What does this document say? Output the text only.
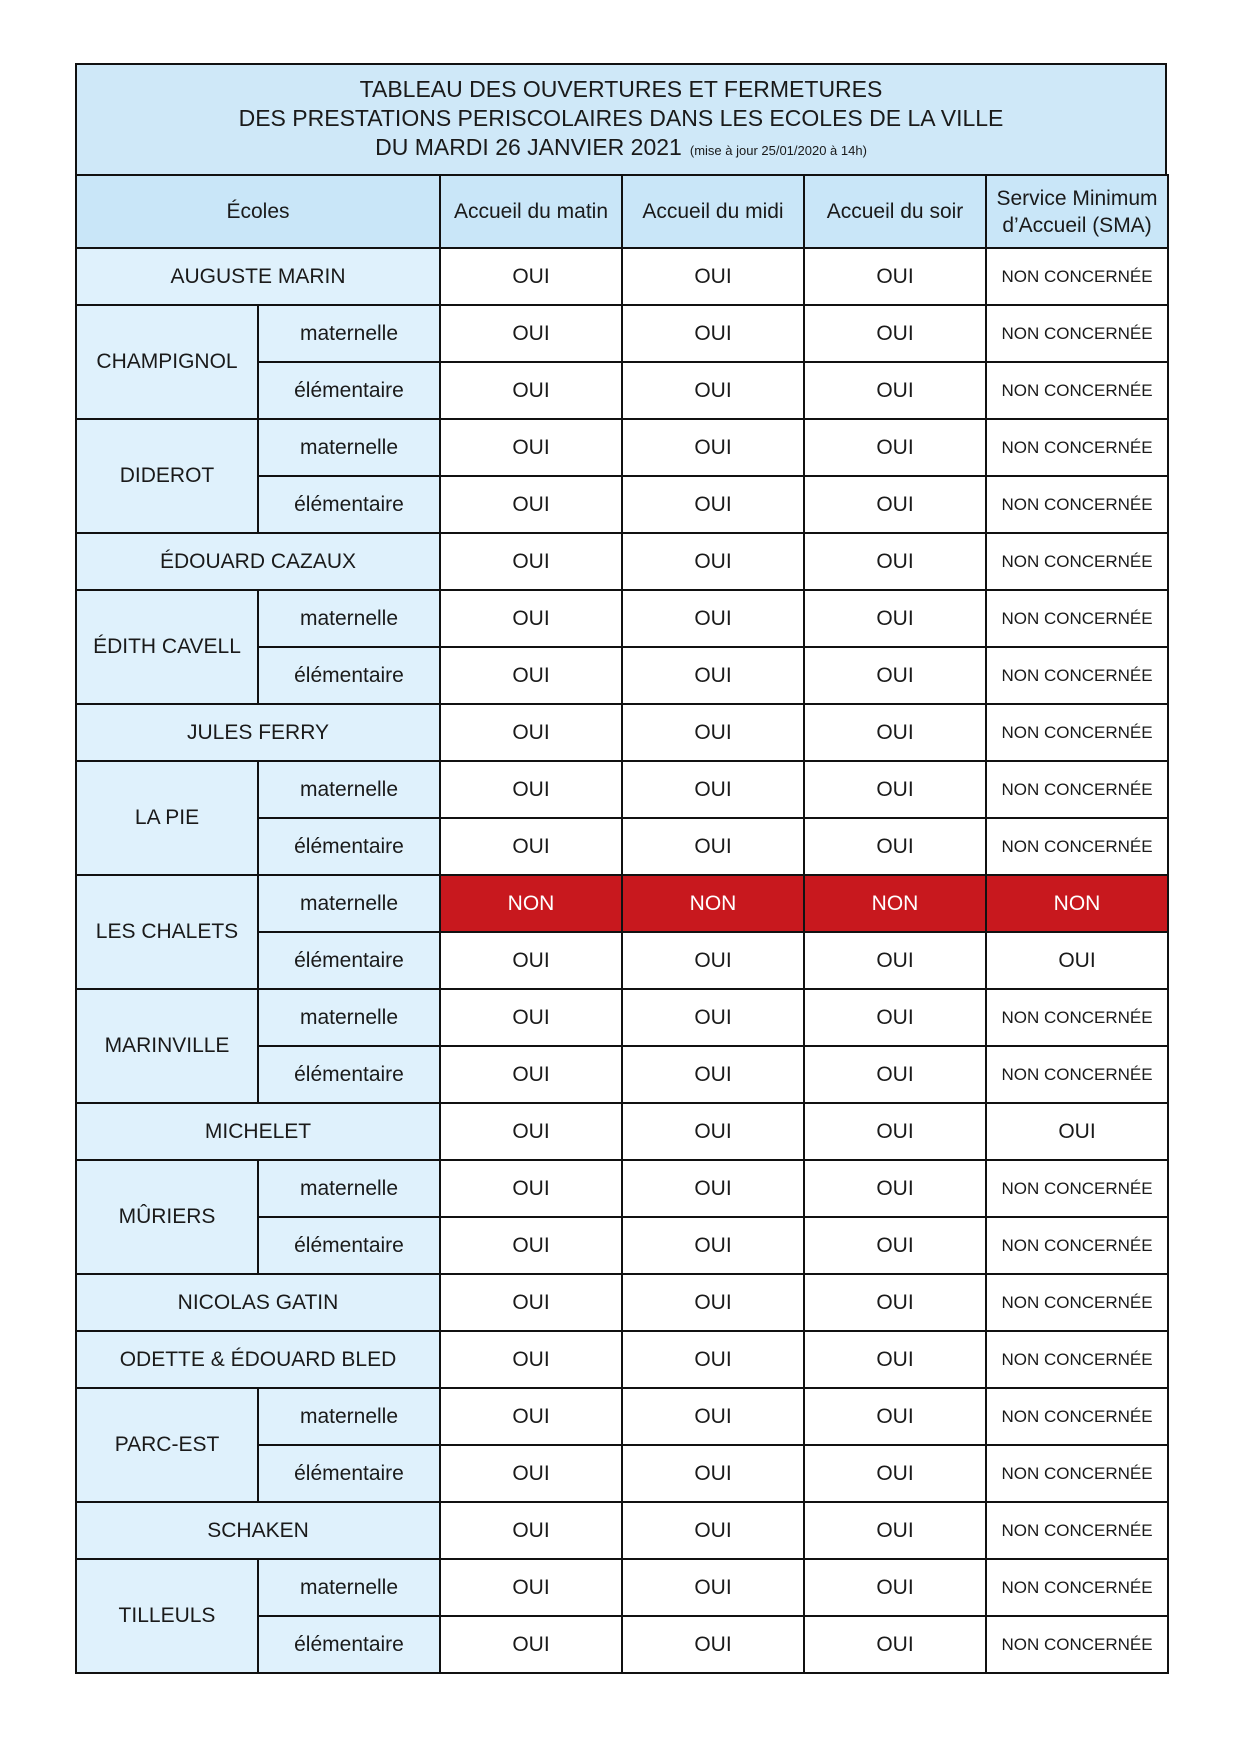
TABLEAU DES OUVERTURES ET FERMETURES
DES PRESTATIONS PERISCOLAIRES DANS LES ECOLES DE LA VILLE
DU MARDI 26 JANVIER 2021 (mise à jour 25/01/2020 à 14h)
Écoles		Accueil du matin	Accueil du midi	Accueil du soir	Service Minimum d’Accueil (SMA)
AUGUSTE MARIN		OUI	OUI	OUI	NON CONCERNÉE
CHAMPIGNOL	maternelle	OUI	OUI	OUI	NON CONCERNÉE
	élémentaire	OUI	OUI	OUI	NON CONCERNÉE
DIDEROT	maternelle	OUI	OUI	OUI	NON CONCERNÉE
	élémentaire	OUI	OUI	OUI	NON CONCERNÉE
ÉDOUARD CAZAUX		OUI	OUI	OUI	NON CONCERNÉE
ÉDITH CAVELL	maternelle	OUI	OUI	OUI	NON CONCERNÉE
	élémentaire	OUI	OUI	OUI	NON CONCERNÉE
JULES FERRY		OUI	OUI	OUI	NON CONCERNÉE
LA PIE	maternelle	OUI	OUI	OUI	NON CONCERNÉE
	élémentaire	OUI	OUI	OUI	NON CONCERNÉE
LES CHALETS	maternelle	NON	NON	NON	NON
	élémentaire	OUI	OUI	OUI	OUI
MARINVILLE	maternelle	OUI	OUI	OUI	NON CONCERNÉE
	élémentaire	OUI	OUI	OUI	NON CONCERNÉE
MICHELET		OUI	OUI	OUI	OUI
MÛRIERS	maternelle	OUI	OUI	OUI	NON CONCERNÉE
	élémentaire	OUI	OUI	OUI	NON CONCERNÉE
NICOLAS GATIN		OUI	OUI	OUI	NON CONCERNÉE
ODETTE & ÉDOUARD BLED		OUI	OUI	OUI	NON CONCERNÉE
PARC-EST	maternelle	OUI	OUI	OUI	NON CONCERNÉE
	élémentaire	OUI	OUI	OUI	NON CONCERNÉE
SCHAKEN		OUI	OUI	OUI	NON CONCERNÉE
TILLEULS	maternelle	OUI	OUI	OUI	NON CONCERNÉE
	élémentaire	OUI	OUI	OUI	NON CONCERNÉE
